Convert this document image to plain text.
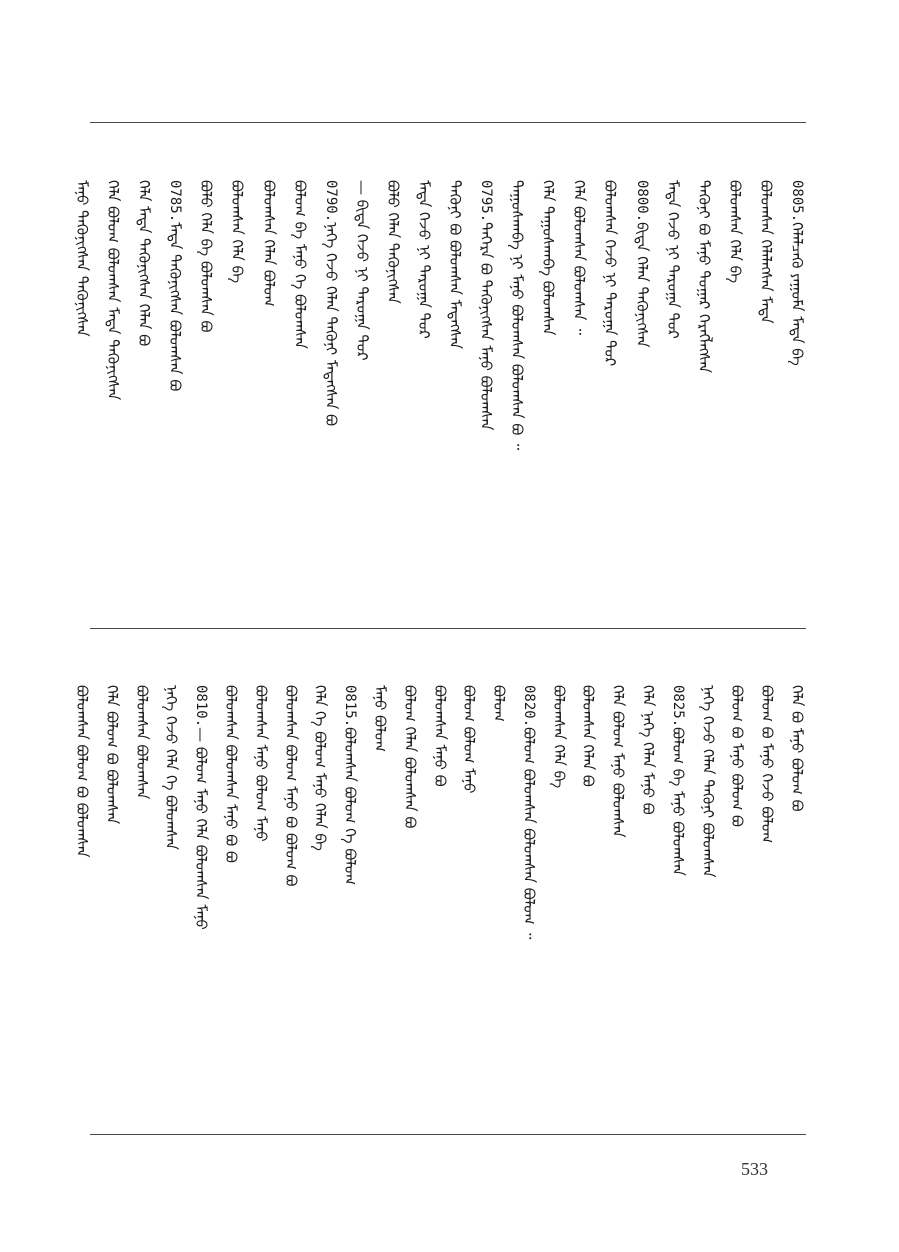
0805.ᠬᠡᠯᠡᠯᠴᠡᠬᠦ ᠶᠠᠭᠤᠮᠠ ᠮᠡᠳᠡ ᠪᠡ
ᠪᠣᠯᠤᠭᠰᠠᠨ ᠬᠡᠯᠡᠯᠡᠭᠰᠡᠨ ᠮᠡᠳᠡ
ᠪᠣᠯᠤᠭᠰᠠᠨ ᠬᠡᠯᠡ ᠪᠠ
ᠲᠡᠭᠦᠨᠢ ᠪᠣ ᠮᠠᠨᠤ ᠳᠤᠭᠠᠷ ᠬᠡᠷᠡᠭᠯᠡᠭᠰᠡᠨ
ᠮᠠᠳᠠ ᠭᠡᠵᠦ ᠨᠢ ᠳᠠᠷᠤᠭᠠ ᠳᠤᠷ
0800.ᠪᠢᠳᠡ ᠬᠡᠯᠡᠨ ᠲᠡᠭᠦᠨᠢᠭᠰᠡᠨ
ᠪᠣᠯᠤᠭᠰᠠᠨ ᠭᠡᠵᠦ ᠨᠢ ᠳᠠᠷᠤᠭᠠ ᠳᠤᠷ
ᠬᠡᠯᠡ ᠪᠣᠯᠤᠭᠰᠠᠨ ᠪᠣᠯᠤᠭᠰᠠᠨ ᠃
ᠬᠡᠯᠡ ᠳᠠᠭᠤᠰᠬᠠᠪᠠ ᠪᠣᠯᠤᠭᠰᠠᠨ
ᠳᠠᠭᠤᠰᠬᠠᠪᠠ ᠨᠢ ᠮᠠᠨᠤ ᠪᠣᠯᠤᠭᠰᠠᠨ ᠪᠣᠯᠤᠭᠰᠠᠨ ᠪᠣ ᠃
0795.ᠳᠡᠭᠡᠷᠡ ᠪᠣ ᠲᠡᠭᠦᠨᠢᠭᠰᠡᠨ ᠮᠠᠨᠤ ᠪᠣᠯᠤᠭᠰᠠᠨ
ᠲᠡᠭᠦᠨᠢ ᠪᠣ ᠪᠣᠯᠤᠭᠰᠠᠨ ᠮᠡᠳᠡᠭᠰᠡᠨ
ᠮᠠᠳᠠ ᠭᠡᠵᠦ ᠨᠢ ᠳᠠᠷᠤᠭᠠ ᠳᠤᠷ
ᠪᠣᠯᠤ ᠬᠡᠯᠡᠨ ᠲᠡᠭᠦᠨᠢᠭᠰᠡᠨ
— ᠪᠢᠳᠡ ᠭᠡᠵᠦ ᠨᠢ ᠳᠠᠷᠤᠭᠠ ᠳᠤᠷ
0790.ᠨᠡᠭᠡ ᠭᠡᠵᠦ ᠬᠡᠯᠡᠨ ᠲᠡᠭᠦᠨᠢ ᠮᠡᠳᠡᠭᠰᠡᠨ ᠪᠣ
ᠪᠣᠯᠤᠭ ᠪᠠ ᠮᠠᠨᠤ ᠬᠡ ᠪᠣᠯᠤᠭᠰᠠᠨ
ᠪᠣᠯᠤᠭᠰᠠᠨ ᠬᠡᠯᠡᠨ ᠪᠣᠯᠤᠭ
ᠪᠣᠯᠤᠭᠰᠠᠨ ᠬᠡᠯᠡ ᠪᠠ
ᠪᠣᠯᠤ ᠬᠡᠯᠡ ᠪᠠ ᠪᠣᠯᠤᠭᠰᠠᠨ ᠪᠣ
0785.ᠮᠠᠳᠠ ᠲᠡᠭᠦᠨᠢᠭᠰᠡᠨ ᠪᠣᠯᠤᠭᠰᠠᠨ ᠪᠣ
ᠬᠡᠯᠡ ᠮᠠᠳᠠ ᠲᠡᠭᠦᠨᠢᠭᠰᠡᠨ ᠬᠡᠯᠡᠨ ᠪᠣ
ᠬᠡᠯᠡ ᠪᠣᠯᠤᠭ ᠪᠣᠯᠤᠭᠰᠠᠨ ᠮᠡᠳᠡ ᠲᠡᠭᠦᠨᠢᠭᠰᠡᠨ
ᠮᠠᠨᠤ ᠲᠡᠭᠦᠨᠢᠭᠰᠡᠨ ᠲᠡᠭᠦᠨᠢᠭᠰᠡᠨ
ᠬᠡᠯᠡ ᠪᠣ ᠮᠠᠨᠤ ᠪᠣᠯᠤᠭ ᠪᠣ
ᠪᠣᠯᠤᠭ ᠪᠣ ᠮᠠᠨᠤ ᠭᠡᠵᠦ ᠪᠣᠯᠤᠭ
ᠪᠣᠯᠤᠭ ᠪᠣ ᠮᠠᠨᠤ ᠪᠣᠯᠤᠭ ᠪᠣ
ᠨᠡᠭᠡ ᠭᠡᠵᠦ ᠬᠡᠯᠡᠨ ᠲᠡᠭᠦᠨᠢ ᠪᠣᠯᠤᠭᠰᠠᠨ
0825.ᠪᠣᠯᠤᠭ ᠪᠠ ᠮᠠᠨᠤ ᠪᠣᠯᠤᠭᠰᠠᠨ
ᠬᠡᠯᠡ ᠨᠡᠭᠡ ᠬᠡᠯᠡᠨ ᠮᠠᠨᠤ ᠪᠣ
ᠬᠡᠯᠡ ᠪᠣᠯᠤᠭ ᠮᠠᠨᠤ ᠪᠣᠯᠤᠭᠰᠠᠨ
ᠪᠣᠯᠤᠭᠰᠠᠨ ᠬᠡᠯᠡᠨ ᠪᠣ
ᠪᠣᠯᠤᠭᠰᠠᠨ ᠬᠡᠯᠡ ᠪᠠ
0820.ᠪᠣᠯᠤᠭ ᠪᠣᠯᠤᠭᠰᠠᠨ ᠪᠣᠯᠤᠭᠰᠠᠨ ᠪᠣᠯᠤᠭ ᠃
ᠪᠣᠯᠤᠭ
ᠪᠣᠯᠤᠭ ᠪᠣᠯᠤᠭ ᠮᠠᠨᠤ
ᠪᠣᠯᠤᠭᠰᠠᠨ ᠮᠠᠨᠤ ᠪᠣ
ᠪᠣᠯᠤᠭ ᠬᠡᠯᠡᠨ ᠪᠣᠯᠤᠭᠰᠠᠨ ᠪᠣ
ᠮᠠᠨᠤ ᠪᠣᠯᠤᠭ
0815.ᠪᠣᠯᠤᠭᠰᠠᠨ ᠪᠣᠯᠤᠭ ᠬᠡ ᠪᠣᠯᠤᠭ
ᠬᠡᠯᠡ ᠬᠡ ᠪᠣᠯᠤᠭ ᠮᠠᠨᠤ ᠬᠡᠯᠡᠨ ᠪᠠ
ᠪᠣᠯᠤᠭᠰᠠᠨ ᠪᠣᠯᠤᠭ ᠮᠠᠨᠤ ᠪᠣ ᠪᠣᠯᠤᠭ ᠪᠣ
ᠪᠣᠯᠤᠭᠰᠠᠨ ᠮᠠᠨᠤ ᠪᠣᠯᠤᠭ ᠮᠠᠨᠤ
ᠪᠣᠯᠤᠭᠰᠠᠨ ᠪᠣᠯᠤᠭᠰᠠᠨ ᠮᠠᠨᠤ ᠪᠣ ᠪᠣ
0810.— ᠪᠣᠯᠤᠭ ᠮᠠᠨᠤ ᠬᠡᠯᠡ ᠪᠣᠯᠤᠭᠰᠠᠨ ᠮᠠᠨᠤ
ᠨᠡᠭᠡ ᠭᠡᠵᠦ ᠬᠡᠯᠡ ᠬᠡ ᠪᠣᠯᠤᠭᠰᠠᠨ
ᠪᠣᠯᠤᠭᠰᠠᠨ ᠪᠣᠯᠤᠭᠰᠠᠨ
ᠬᠡᠯᠡ ᠪᠣᠯᠤᠭ ᠪᠣ ᠪᠣᠯᠤᠭᠰᠠᠨ
ᠪᠣᠯᠤᠭᠰᠠᠨ ᠪᠣᠯᠤᠭ ᠪᠣ ᠪᠣᠯᠤᠭᠰᠠᠨ
533
